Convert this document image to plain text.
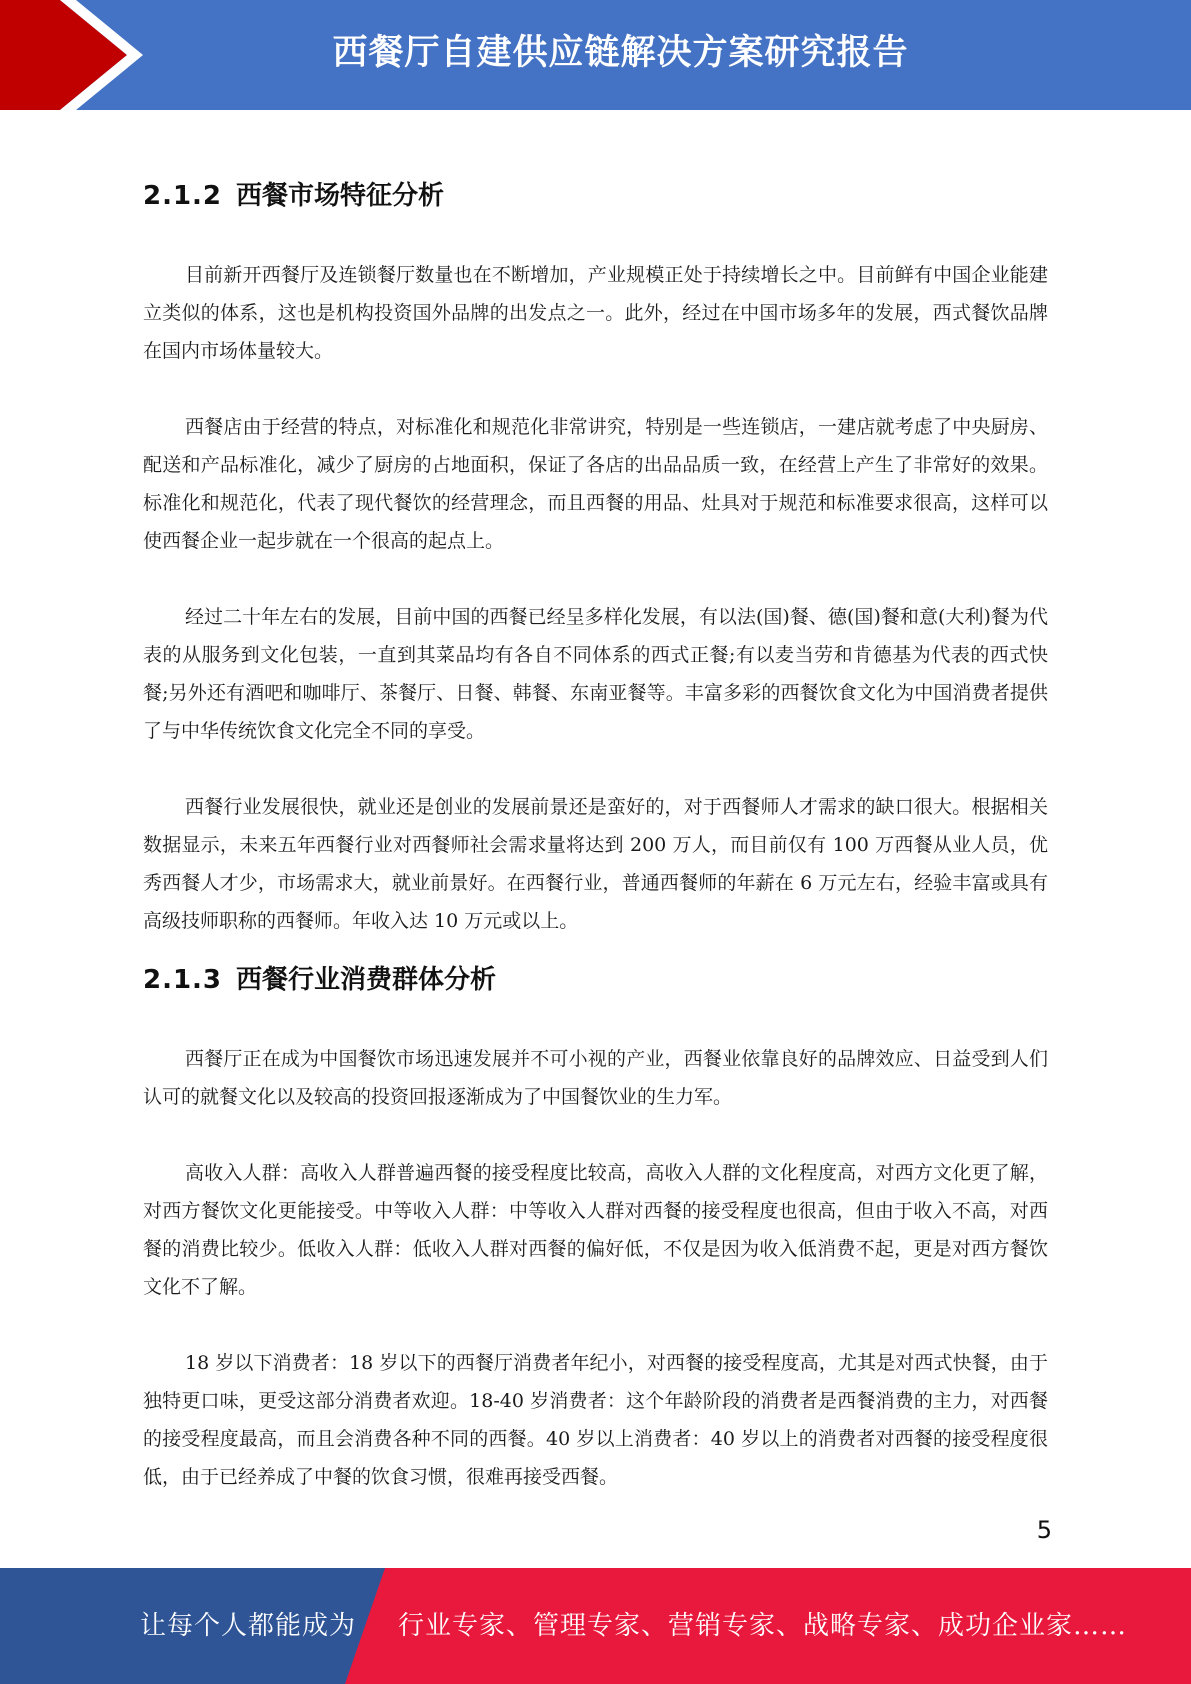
西餐厅自建供应链解决方案研究报告
2.1.2 西餐市场特征分析

目前新开西餐厅及连锁餐厅数量也在不断增加，产业规模正处于持续增长之中。目前鲜有中国企业能建立类似的体系，这也是机构投资国外品牌的出发点之一。此外，经过在中国市场多年的发展，西式餐饮品牌在国内市场体量较大。

西餐店由于经营的特点，对标准化和规范化非常讲究，特别是一些连锁店，一建店就考虑了中央厨房、配送和产品标准化，减少了厨房的占地面积，保证了各店的出品品质一致，在经营上产生了非常好的效果。标准化和规范化，代表了现代餐饮的经营理念，而且西餐的用品、灶具对于规范和标准要求很高，这样可以使西餐企业一起步就在一个很高的起点上。

经过二十年左右的发展，目前中国的西餐已经呈多样化发展，有以法(国)餐、德(国)餐和意(大利)餐为代表的从服务到文化包装，一直到其菜品均有各自不同体系的西式正餐;有以麦当劳和肯德基为代表的西式快餐;另外还有酒吧和咖啡厅、茶餐厅、日餐、韩餐、东南亚餐等。丰富多彩的西餐饮食文化为中国消费者提供了与中华传统饮食文化完全不同的享受。

西餐行业发展很快，就业还是创业的发展前景还是蛮好的，对于西餐师人才需求的缺口很大。根据相关数据显示，未来五年西餐行业对西餐师社会需求量将达到 200 万人，而目前仅有 100 万西餐从业人员，优秀西餐人才少，市场需求大，就业前景好。在西餐行业，普通西餐师的年薪在 6 万元左右，经验丰富或具有高级技师职称的西餐师。年收入达 10 万元或以上。

2.1.3 西餐行业消费群体分析

西餐厅正在成为中国餐饮市场迅速发展并不可小视的产业，西餐业依靠良好的品牌效应、日益受到人们认可的就餐文化以及较高的投资回报逐渐成为了中国餐饮业的生力军。

高收入人群：高收入人群普遍西餐的接受程度比较高，高收入人群的文化程度高，对西方文化更了解，对西方餐饮文化更能接受。中等收入人群：中等收入人群对西餐的接受程度也很高，但由于收入不高，对西餐的消费比较少。低收入人群：低收入人群对西餐的偏好低，不仅是因为收入低消费不起，更是对西方餐饮文化不了解。

18 岁以下消费者：18 岁以下的西餐厅消费者年纪小，对西餐的接受程度高，尤其是对西式快餐，由于独特更口味，更受这部分消费者欢迎。18-40 岁消费者：这个年龄阶段的消费者是西餐消费的主力，对西餐的接受程度最高，而且会消费各种不同的西餐。40 岁以上消费者：40 岁以上的消费者对西餐的接受程度很低，由于已经养成了中餐的饮食习惯，很难再接受西餐。

5
让每个人都能成为 行业专家、管理专家、营销专家、战略专家、成功企业家……
